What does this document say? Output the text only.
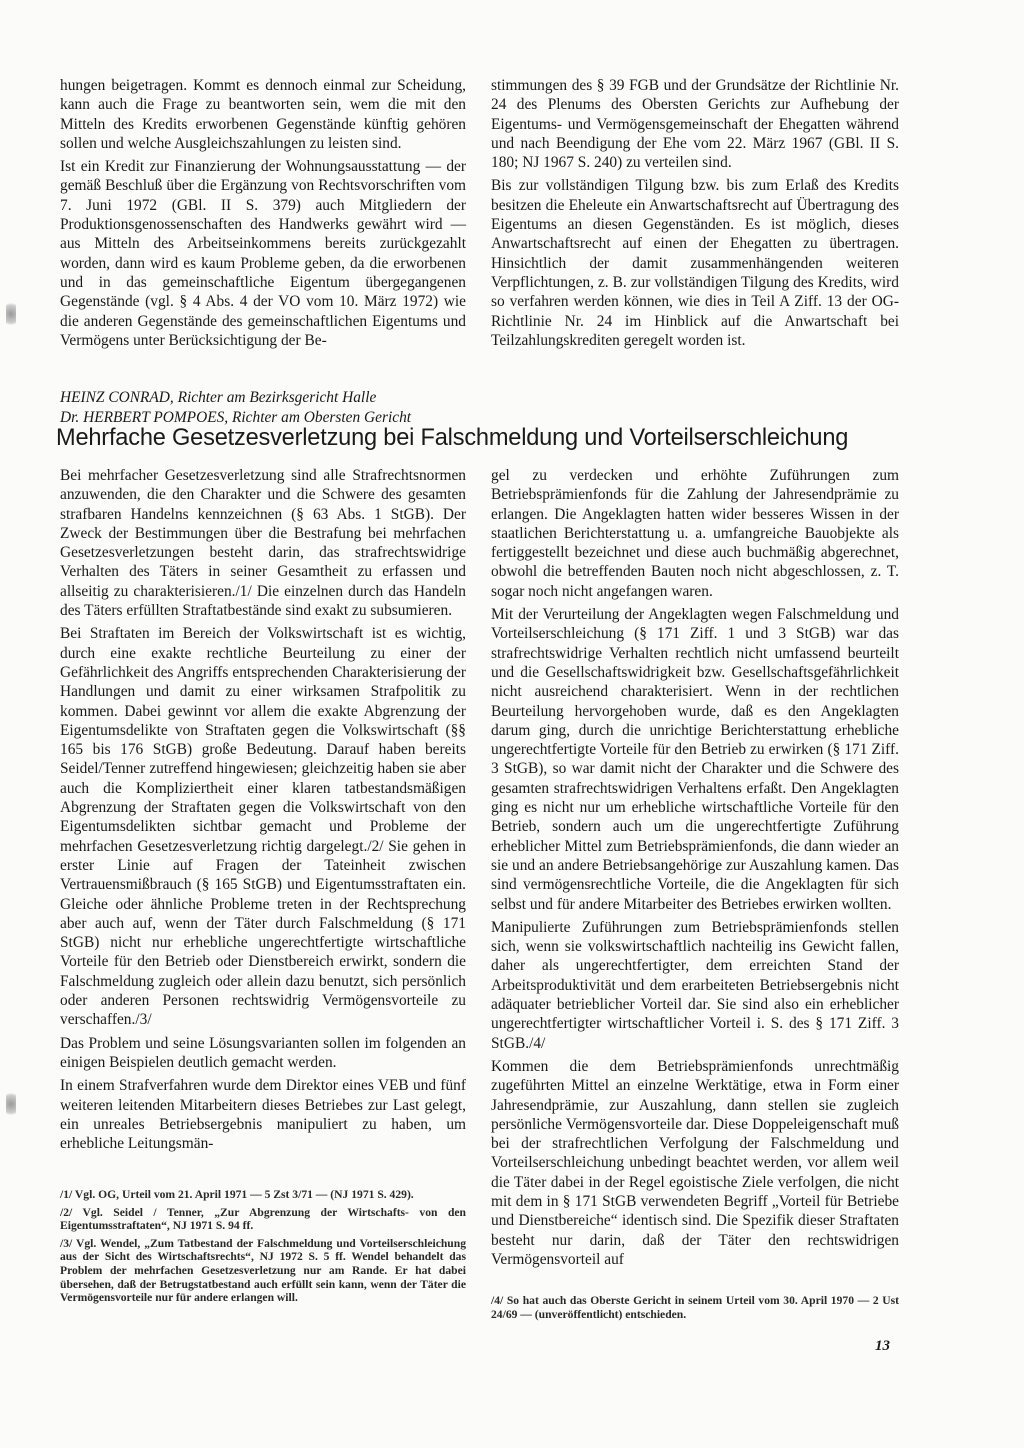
hungen beigetragen. Kommt es dennoch einmal zur Scheidung, kann auch die Frage zu beantworten sein, wem die mit den Mitteln des Kredits erworbenen Gegenstände künftig gehören sollen und welche Ausgleichszahlungen zu leisten sind.

Ist ein Kredit zur Finanzierung der Wohnungsausstattung — der gemäß Beschluß über die Ergänzung von Rechtsvorschriften vom 7. Juni 1972 (GBl. II S. 379) auch Mitgliedern der Produktionsgenossenschaften des Handwerks gewährt wird — aus Mitteln des Arbeitseinkommens bereits zurückgezahlt worden, dann wird es kaum Probleme geben, da die erworbenen und in das gemeinschaftliche Eigentum übergegangenen Gegenstände (vgl. § 4 Abs. 4 der VO vom 10. März 1972) wie die anderen Gegenstände des gemeinschaftlichen Eigentums und Vermögens unter Berücksichtigung der Be-

stimmungen des § 39 FGB und der Grundsätze der Richtlinie Nr. 24 des Plenums des Obersten Gerichts zur Aufhebung der Eigentums- und Vermögensgemeinschaft der Ehegatten während und nach Beendigung der Ehe vom 22. März 1967 (GBl. II S. 180; NJ 1967 S. 240) zu verteilen sind.

Bis zur vollständigen Tilgung bzw. bis zum Erlaß des Kredits besitzen die Eheleute ein Anwartschaftsrecht auf Übertragung des Eigentums an diesen Gegenständen. Es ist möglich, dieses Anwartschaftsrecht auf einen der Ehegatten zu übertragen. Hinsichtlich der damit zusammenhängenden weiteren Verpflichtungen, z. B. zur vollständigen Tilgung des Kredits, wird so verfahren werden können, wie dies in Teil A Ziff. 13 der OG-Richtlinie Nr. 24 im Hinblick auf die Anwartschaft bei Teilzahlungskrediten geregelt worden ist.

HEINZ CONRAD, Richter am Bezirksgericht Halle
Dr. HERBERT POMPOES, Richter am Obersten Gericht
Mehrfache Gesetzesverletzung bei Falschmeldung und Vorteilserschleichung

Bei mehrfacher Gesetzesverletzung sind alle Strafrechtsnormen anzuwenden, die den Charakter und die Schwere des gesamten strafbaren Handelns kennzeichnen (§ 63 Abs. 1 StGB). Der Zweck der Bestimmungen über die Bestrafung bei mehrfachen Gesetzesverletzungen besteht darin, das strafrechtswidrige Verhalten des Täters in seiner Gesamtheit zu erfassen und allseitig zu charakterisieren./1/ Die einzelnen durch das Handeln des Täters erfüllten Straftatbestände sind exakt zu subsumieren.

Bei Straftaten im Bereich der Volkswirtschaft ist es wichtig, durch eine exakte rechtliche Beurteilung zu einer der Gefährlichkeit des Angriffs entsprechenden Charakterisierung der Handlungen und damit zu einer wirksamen Strafpolitik zu kommen. Dabei gewinnt vor allem die exakte Abgrenzung der Eigentumsdelikte von Straftaten gegen die Volkswirtschaft (§§ 165 bis 176 StGB) große Bedeutung. Darauf haben bereits Seidel/Tenner zutreffend hingewiesen; gleichzeitig haben sie aber auch die Kompliziertheit einer klaren tatbestandsmäßigen Abgrenzung der Straftaten gegen die Volkswirtschaft von den Eigentumsdelikten sichtbar gemacht und Probleme der mehrfachen Gesetzesverletzung richtig dargelegt./2/ Sie gehen in erster Linie auf Fragen der Tateinheit zwischen Vertrauensmißbrauch (§ 165 StGB) und Eigentumsstraftaten ein. Gleiche oder ähnliche Probleme treten in der Rechtsprechung aber auch auf, wenn der Täter durch Falschmeldung (§ 171 StGB) nicht nur erhebliche ungerechtfertigte wirtschaftliche Vorteile für den Betrieb oder Dienstbereich erwirkt, sondern die Falschmeldung zugleich oder allein dazu benutzt, sich persönlich oder anderen Personen rechtswidrig Vermögensvorteile zu verschaffen./3/

Das Problem und seine Lösungsvarianten sollen im folgenden an einigen Beispielen deutlich gemacht werden.

In einem Strafverfahren wurde dem Direktor eines VEB und fünf weiteren leitenden Mitarbeitern dieses Betriebes zur Last gelegt, ein unreales Betriebsergebnis manipuliert zu haben, um erhebliche Leitungsmän-

gel zu verdecken und erhöhte Zuführungen zum Betriebsprämienfonds für die Zahlung der Jahresendprämie zu erlangen. Die Angeklagten hatten wider besseres Wissen in der staatlichen Berichterstattung u. a. umfangreiche Bauobjekte als fertiggestellt bezeichnet und diese auch buchmäßig abgerechnet, obwohl die betreffenden Bauten noch nicht abgeschlossen, z. T. sogar noch nicht angefangen waren.

Mit der Verurteilung der Angeklagten wegen Falschmeldung und Vorteilserschleichung (§ 171 Ziff. 1 und 3 StGB) war das strafrechtswidrige Verhalten rechtlich nicht umfassend beurteilt und die Gesellschaftswidrigkeit bzw. Gesellschaftsgefährlichkeit nicht ausreichend charakterisiert. Wenn in der rechtlichen Beurteilung hervorgehoben wurde, daß es den Angeklagten darum ging, durch die unrichtige Berichterstattung erhebliche ungerechtfertigte Vorteile für den Betrieb zu erwirken (§ 171 Ziff. 3 StGB), so war damit nicht der Charakter und die Schwere des gesamten strafrechtswidrigen Verhaltens erfaßt. Den Angeklagten ging es nicht nur um erhebliche wirtschaftliche Vorteile für den Betrieb, sondern auch um die ungerechtfertigte Zuführung erheblicher Mittel zum Betriebsprämienfonds, die dann wieder an sie und an andere Betriebsangehörige zur Auszahlung kamen. Das sind vermögensrechtliche Vorteile, die die Angeklagten für sich selbst und für andere Mitarbeiter des Betriebes erwirken wollten.

Manipulierte Zuführungen zum Betriebsprämienfonds stellen sich, wenn sie volkswirtschaftlich nachteilig ins Gewicht fallen, daher als ungerechtfertigter, dem erreichten Stand der Arbeitsproduktivität und dem erarbeiteten Betriebsergebnis nicht adäquater betrieblicher Vorteil dar. Sie sind also ein erheblicher ungerechtfertigter wirtschaftlicher Vorteil i. S. des § 171 Ziff. 3 StGB./4/

Kommen die dem Betriebsprämienfonds unrechtmäßig zugeführten Mittel an einzelne Werktätige, etwa in Form einer Jahresendprämie, zur Auszahlung, dann stellen sie zugleich persönliche Vermögensvorteile dar. Diese Doppeleigenschaft muß bei der strafrechtlichen Verfolgung der Falschmeldung und Vorteilserschleichung unbedingt beachtet werden, vor allem weil die Täter dabei in der Regel egoistische Ziele verfolgen, die nicht mit dem in § 171 StGB verwendeten Begriff „Vorteil für Betriebe und Dienstbereiche“ identisch sind. Die Spezifik dieser Straftaten besteht nur darin, daß der Täter den rechtswidrigen Vermögensvorteil auf

/1/ Vgl. OG, Urteil vom 21. April 1971 — 5 Zst 3/71 — (NJ 1971 S. 429).

/2/ Vgl. Seidel / Tenner, „Zur Abgrenzung der Wirtschafts- von den Eigentumsstraftaten“, NJ 1971 S. 94 ff.

/3/ Vgl. Wendel, „Zum Tatbestand der Falschmeldung und Vorteilserschleichung aus der Sicht des Wirtschaftsrechts“, NJ 1972 S. 5 ff. Wendel behandelt das Problem der mehrfachen Gesetzesverletzung nur am Rande. Er hat dabei übersehen, daß der Betrugstatbestand auch erfüllt sein kann, wenn der Täter die Vermögensvorteile nur für andere erlangen will.	/4/ So hat auch das Oberste Gericht in seinem Urteil vom 30. April 1970 — 2 Ust 24/69 — (unveröffentlicht) entschieden.

13
